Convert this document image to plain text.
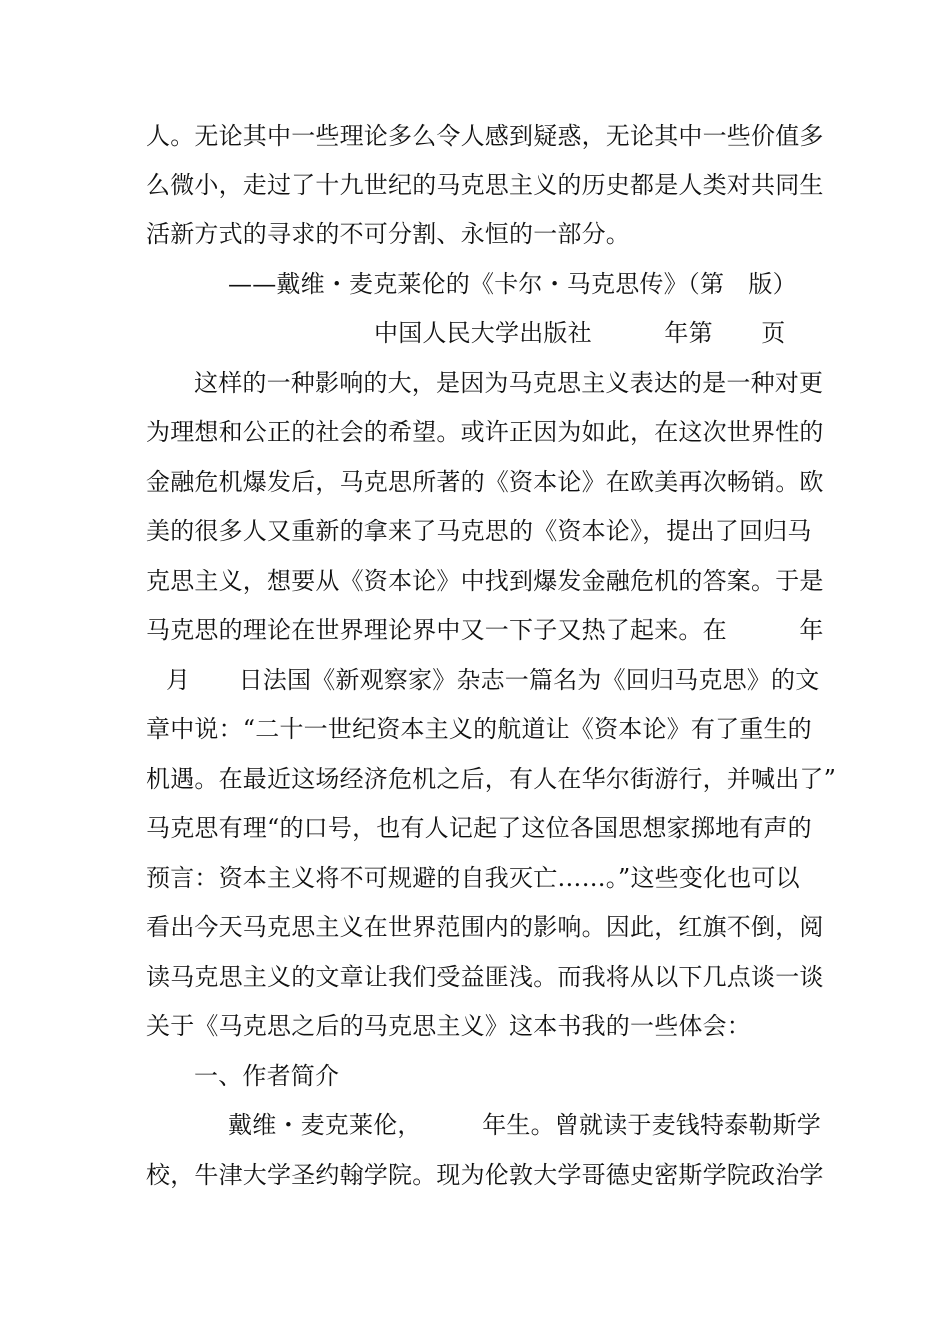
人。无论其中一些理论多么令人感到疑惑，无论其中一些价值多
么微小，走过了十九世纪的马克思主义的历史都是人类对共同生
活新方式的寻求的不可分割、永恒的一部分。
——戴维・麦克莱伦的《卡尔・马克思传》（第　版）
中国人民大学出版社　　　年第　　页
这样的一种影响的大，是因为马克思主义表达的是一种对更
为理想和公正的社会的希望。或许正因为如此，在这次世界性的
金融危机爆发后，马克思所著的《资本论》在欧美再次畅销。欧
美的很多人又重新的拿来了马克思的《资本论》，提出了回归马
克思主义，想要从《资本论》中找到爆发金融危机的答案。于是
马克思的理论在世界理论界中又一下子又热了起来。在　　　年
月　　日法国《新观察家》杂志一篇名为《回归马克思》的文
章中说：“二十一世纪资本主义的航道让《资本论》有了重生的
机遇。在最近这场经济危机之后，有人在华尔街游行，并喊出了”
马克思有理“的口号，也有人记起了这位各国思想家掷地有声的
预言：资本主义将不可规避的自我灭亡……。”这些变化也可以
看出今天马克思主义在世界范围内的影响。因此，红旗不倒，阅
读马克思主义的文章让我们受益匪浅。而我将从以下几点谈一谈
关于《马克思之后的马克思主义》这本书我的一些体会：
一、作者简介
戴维・麦克莱伦，　　　年生。曾就读于麦钱特泰勒斯学
校，牛津大学圣约翰学院。现为伦敦大学哥德史密斯学院政治学
